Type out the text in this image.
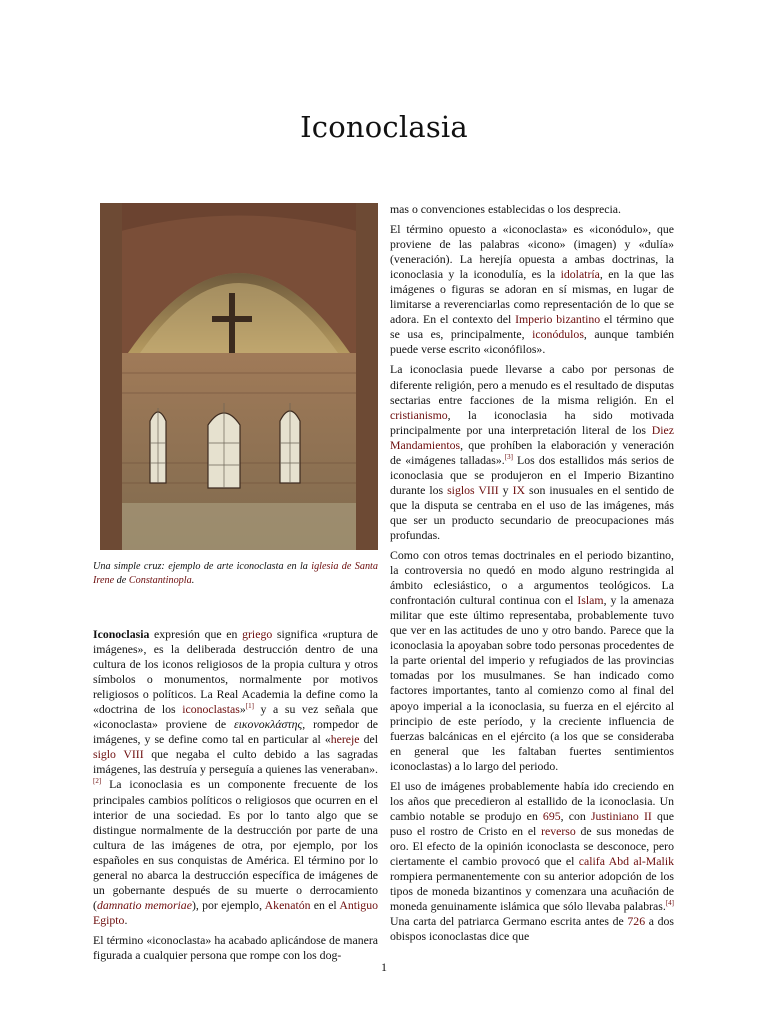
Iconoclasia
Una simple cruz: ejemplo de arte iconoclasta en la iglesia de Santa Irene de Constantinopla.

Iconoclasia expresión que en griego significa «ruptura de imágenes», es la deliberada destrucción dentro de una cultura de los iconos religiosos de la propia cultura y otros símbolos o monumentos, normalmente por motivos religiosos o políticos. La Real Academia la define como la «doctrina de los iconoclastas»[1] y a su vez señala que «iconoclasta» proviene de εικονοκλάστης, rompedor de imágenes, y se define como tal en particular al «hereje del siglo VIII que negaba el culto debido a las sagradas imágenes, las destruía y perseguía a quienes las veneraban».[2] La iconoclasia es un componente frecuente de los principales cambios políticos o religiosos que ocurren en el interior de una sociedad. Es por lo tanto algo que se distingue normalmente de la destrucción por parte de una cultura de las imágenes de otra, por ejemplo, por los españoles en sus conquistas de América. El término por lo general no abarca la destrucción específica de imágenes de un gobernante después de su muerte o derrocamiento (damnatio memoriae), por ejemplo, Akenatón en el Antiguo Egipto.

El término «iconoclasta» ha acabado aplicándose de manera figurada a cualquier persona que rompe con los dog-

mas o convenciones establecidas o los desprecia.

El término opuesto a «iconoclasta» es «iconódulo», que proviene de las palabras «icono» (imagen) y «dulía» (veneración). La herejía opuesta a ambas doctrinas, la iconoclasia y la iconodulía, es la idolatría, en la que las imágenes o figuras se adoran en sí mismas, en lugar de limitarse a reverenciarlas como representación de lo que se adora. En el contexto del Imperio bizantino el término que se usa es, principalmente, iconódulos, aunque también puede verse escrito «iconófilos».

La iconoclasia puede llevarse a cabo por personas de diferente religión, pero a menudo es el resultado de disputas sectarias entre facciones de la misma religión. En el cristianismo, la iconoclasia ha sido motivada principalmente por una interpretación literal de los Diez Mandamientos, que prohíben la elaboración y veneración de «imágenes talladas».[3] Los dos estallidos más serios de iconoclasia que se produjeron en el Imperio Bizantino durante los siglos VIII y IX son inusuales en el sentido de que la disputa se centraba en el uso de las imágenes, más que ser un producto secundario de preocupaciones más profundas.

Como con otros temas doctrinales en el periodo bizantino, la controversia no quedó en modo alguno restringida al ámbito eclesiástico, o a argumentos teológicos. La confrontación cultural continua con el Islam, y la amenaza militar que este último representaba, probablemente tuvo que ver en las actitudes de uno y otro bando. Parece que la iconoclasia la apoyaban sobre todo personas procedentes de la parte oriental del imperio y refugiados de las provincias tomadas por los musulmanes. Se han indicado como factores importantes, tanto al comienzo como al final del apoyo imperial a la iconoclasia, su fuerza en el ejército al principio de este período, y la creciente influencia de fuerzas balcánicas en el ejército (a los que se consideraba en general que les faltaban fuertes sentimientos iconoclastas) a lo largo del periodo.

El uso de imágenes probablemente había ido creciendo en los años que precedieron al estallido de la iconoclasia. Un cambio notable se produjo en 695, con Justiniano II que puso el rostro de Cristo en el reverso de sus monedas de oro. El efecto de la opinión iconoclasta se desconoce, pero ciertamente el cambio provocó que el califa Abd al-Malik rompiera permanentemente con su anterior adopción de los tipos de moneda bizantinos y comenzara una acuñación de moneda genuinamente islámica que sólo llevaba palabras.[4] Una carta del patriarca Germano escrita antes de 726 a dos obispos iconoclastas dice que

1
